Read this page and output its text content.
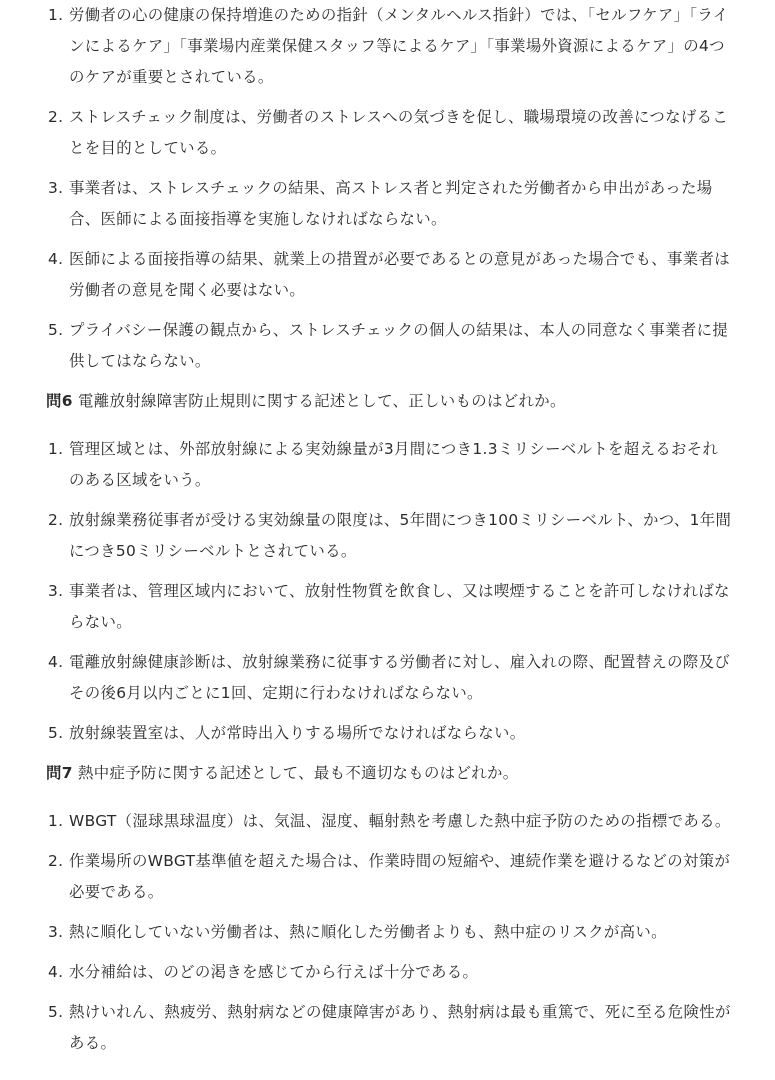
1. 労働者の心の健康の保持増進のための指針（メンタルヘルス指針）では、「セルフケア」「ラインによるケア」「事業場内産業保健スタッフ等によるケア」「事業場外資源によるケア」の4つのケアが重要とされている。
2. ストレスチェック制度は、労働者のストレスへの気づきを促し、職場環境の改善につなげることを目的としている。
3. 事業者は、ストレスチェックの結果、高ストレス者と判定された労働者から申出があった場合、医師による面接指導を実施しなければならない。
4. 医師による面接指導の結果、就業上の措置が必要であるとの意見があった場合でも、事業者は労働者の意見を聞く必要はない。
5. プライバシー保護の観点から、ストレスチェックの個人の結果は、本人の同意なく事業者に提供してはならない。
問6 電離放射線障害防止規則に関する記述として、正しいものはどれか。
1. 管理区域とは、外部放射線による実効線量が3月間につき1.3ミリシーベルトを超えるおそれのある区域をいう。
2. 放射線業務従事者が受ける実効線量の限度は、5年間につき100ミリシーベルト、かつ、1年間につき50ミリシーベルトとされている。
3. 事業者は、管理区域内において、放射性物質を飲食し、又は喫煙することを許可しなければならない。
4. 電離放射線健康診断は、放射線業務に従事する労働者に対し、雇入れの際、配置替えの際及びその後6月以内ごとに1回、定期に行わなければならない。
5. 放射線装置室は、人が常時出入りする場所でなければならない。
問7 熱中症予防に関する記述として、最も不適切なものはどれか。
1. WBGT（湿球黒球温度）は、気温、湿度、輻射熱を考慮した熱中症予防のための指標である。
2. 作業場所のWBGT基準値を超えた場合は、作業時間の短縮や、連続作業を避けるなどの対策が必要である。
3. 熱に順化していない労働者は、熱に順化した労働者よりも、熱中症のリスクが高い。
4. 水分補給は、のどの渇きを感じてから行えば十分である。
5. 熱けいれん、熱疲労、熱射病などの健康障害があり、熱射病は最も重篤で、死に至る危険性がある。
